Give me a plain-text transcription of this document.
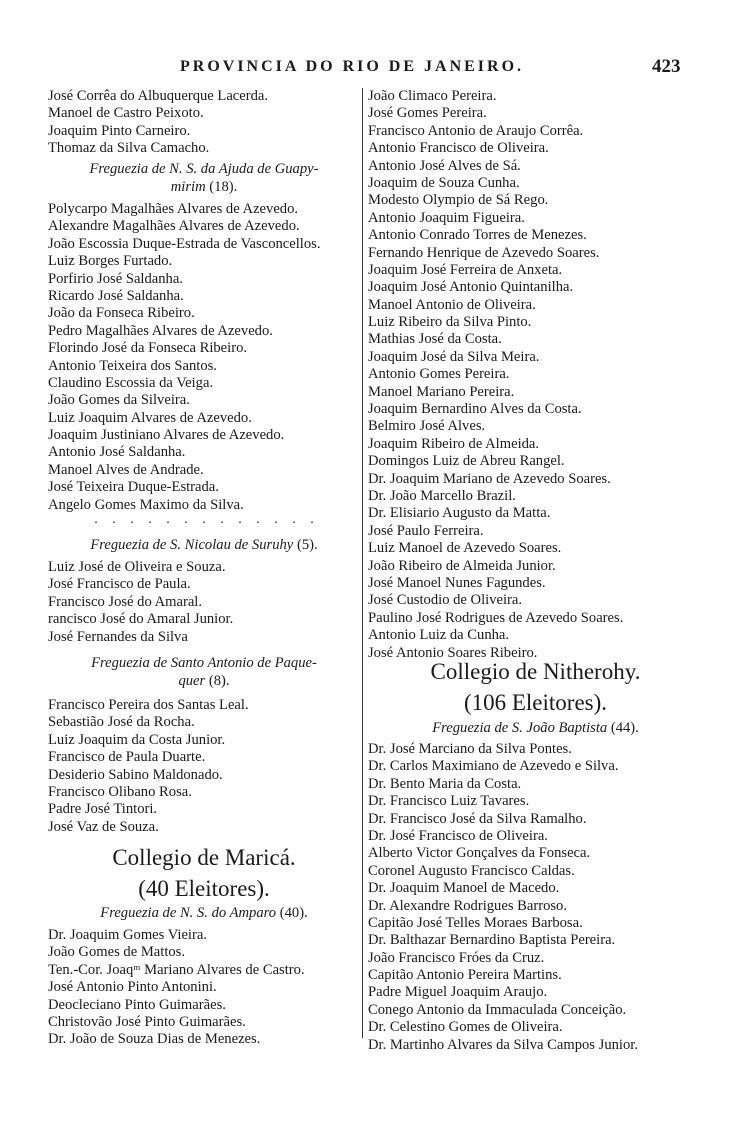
PROVINCIA DO RIO DE JANEIRO.	423
José Corrêa do Albuquerque Lacerda.
Manoel de Castro Peixoto.
Joaquim Pinto Carneiro.
Thomaz da Silva Camacho.
Freguezia de N. S. da Ajuda de Guapy-
mirim (18).
Polycarpo Magalhães Alvares de Azevedo.
Alexandre Magalhães Alvares de Azevedo.
João Escossia Duque-Estrada de Vasconcellos.
Luiz Borges Furtado.
Porfirio José Saldanha.
Ricardo José Saldanha.
João da Fonseca Ribeiro.
Pedro Magalhães Alvares de Azevedo.
Florindo José da Fonseca Ribeiro.
Antonio Teixeira dos Santos.
Claudino Escossia da Veiga.
João Gomes da Silveira.
Luiz Joaquim Alvares de Azevedo.
Joaquim Justiniano Alvares de Azevedo.
Antonio José Saldanha.
Manoel Alves de Andrade.
José Teixeira Duque-Estrada.
Angelo Gomes Maximo da Silva.
. . . . . . . . . . . . .
Freguezia de S. Nicolau de Suruhy (5).
Luiz José de Oliveira e Souza.
José Francisco de Paula.
Francisco José do Amaral.
rancisco José do Amaral Junior.
José Fernandes da Silva
Freguezia de Santo Antonio de Paque-
quer (8).
Francisco Pereira dos Santas Leal.
Sebastião José da Rocha.
Luiz Joaquim da Costa Junior.
Francisco de Paula Duarte.
Desiderio Sabino Maldonado.
Francisco Olibano Rosa.
Padre José Tintori.
José Vaz de Souza.
Collegio de Maricá.
(40 Eleitores).
Freguezia de N. S. do Amparo (40).
Dr. Joaquim Gomes Vieira.
João Gomes de Mattos.
Ten.-Cor. Joaqᵐ Mariano Alvares de Castro.
José Antonio Pinto Antonini.
Deocleciano Pinto Guimarães.
Christovão José Pinto Guimarães.
Dr. João de Souza Dias de Menezes.
João Climaco Pereira.
José Gomes Pereira.
Francisco Antonio de Araujo Corrêa.
Antonio Francisco de Oliveira.
Antonio José Alves de Sá.
Joaquim de Souza Cunha.
Modesto Olympio de Sá Rego.
Antonio Joaquim Figueira.
Antonio Conrado Torres de Menezes.
Fernando Henrique de Azevedo Soares.
Joaquim José Ferreira de Anxeta.
Joaquim José Antonio Quintanilha.
Manoel Antonio de Oliveira.
Luiz Ribeiro da Silva Pinto.
Mathias José da Costa.
Joaquim José da Silva Meira.
Antonio Gomes Pereira.
Manoel Mariano Pereira.
Joaquim Bernardino Alves da Costa.
Belmiro José Alves.
Joaquim Ribeiro de Almeida.
Domingos Luiz de Abreu Rangel.
Dr. Joaquim Mariano de Azevedo Soares.
Dr. João Marcello Brazil.
Dr. Elisiario Augusto da Matta.
José Paulo Ferreira.
Luiz Manoel de Azevedo Soares.
João Ribeiro de Almeida Junior.
José Manoel Nunes Fagundes.
José Custodio de Oliveira.
Paulino José Rodrigues de Azevedo Soares.
Antonio Luiz da Cunha.
José Antonio Soares Ribeiro.
Collegio de Nitherohy.
(106 Eleitores).
Freguezia de S. João Baptista (44).
Dr. José Marciano da Silva Pontes.
Dr. Carlos Maximiano de Azevedo e Silva.
Dr. Bento Maria da Costa.
Dr. Francisco Luiz Tavares.
Dr. Francisco José da Silva Ramalho.
Dr. José Francisco de Oliveira.
Alberto Victor Gonçalves da Fonseca.
Coronel Augusto Francisco Caldas.
Dr. Joaquim Manoel de Macedo.
Dr. Alexandre Rodrigues Barroso.
Capitão José Telles Moraes Barbosa.
Dr. Balthazar Bernardino Baptista Pereira.
João Francisco Fróes da Cruz.
Capitão Antonio Pereira Martins.
Padre Miguel Joaquim Araujo.
Conego Antonio da Immaculada Conceição.
Dr. Celestino Gomes de Oliveira.
Dr. Martinho Alvares da Silva Campos Junior.
